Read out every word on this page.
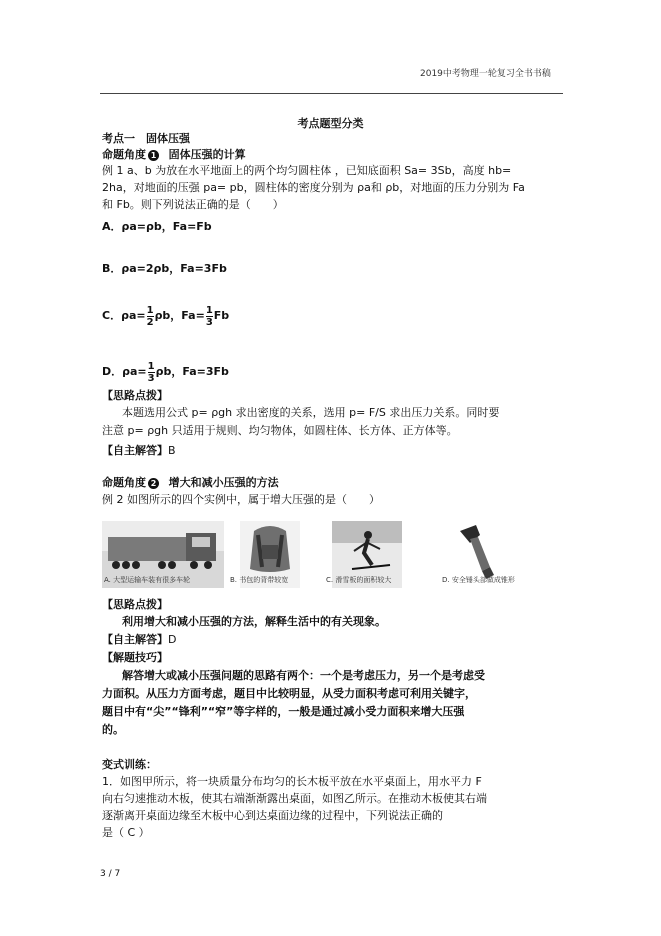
2019中考物理一轮复习全书书稿
考点题型分类
考点一　固体压强
命题角度 1 固体压强的计算
例 1 a、b 为放在水平地面上的两个均匀圆柱体 ，已知底面积 Sa= 3Sb，高度 hb=
2ha，对地面的压强 pa= pb，圆柱体的密度分别为 ρa和 ρb，对地面的压力分别为 Fa
和 Fb。则下列说法正确的是（　　）
A．ρa=ρb，Fa=Fb
B．ρa=2ρb，Fa=3Fb
C．$\rho a= \frac{1}{2}$ ρb，$Fa= \frac{1}{3}$ Fb
D．$\rho a= \frac{1}{3}$ ρb，Fa=3Fb
【思路点拨】
本题选用公式 p= ρgh 求出密度的关系，选用 p= F/S 求出压力关系。同时要
注意 p= ρgh 只适用于规则、均匀物体，如圆柱体、长方体、正方体等。
【自主解答】B
命题角度 2 增大和减小压强的方法
例 2 如图所示的四个实例中，属于增大压强的是（　　）
A. 大型运输车装有很多车轮	B. 书包的背带较宽	C. 滑雪板的面积较大	D. 安全锤头部做成锥形
【思路点拨】
利用增大和减小压强的方法，解释生活中的有关现象。
【自主解答】D
【解题技巧】
解答增大或减小压强问题的思路有两个：一个是考虑压力，另一个是考虑受
力面积。从压力方面考虑，题目中比较明显，从受力面积考虑可利用关键字，
题目中有“尖”“锋利”“窄”等字样的，一般是通过减小受力面积来增大压强
的。
变式训练：
1．如图甲所示，将一块质量分布均匀的长木板平放在水平桌面上，用水平力 F
向右匀速推动木板，使其右端渐渐露出桌面，如图乙所示。在推动木板使其右端
逐渐离开桌面边缘至木板中心到达桌面边缘的过程中，下列说法正确的
是（ C ）
3 / 7
